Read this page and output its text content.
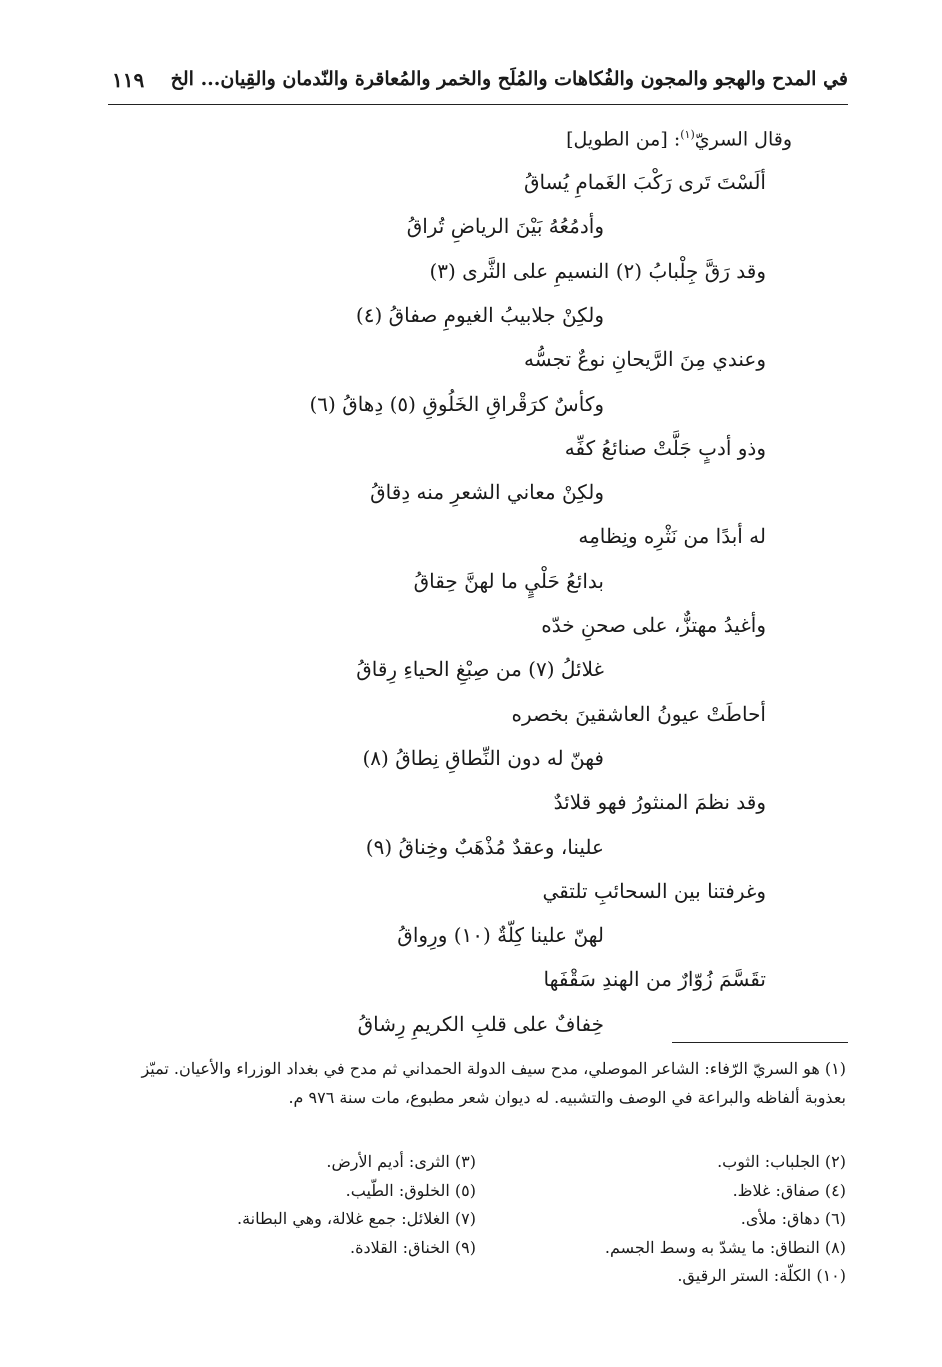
في المدح والهجو والمجون والفُكاهات والمُلَح والخمر والمُعاقرة والنّدمان والقِيان... الخ
١١٩
وقال السريّ$^{(١)}$: [من الطويل]
ألَسْتَ تَرى رَكْبَ الغَمامِ يُساقُ
وأدمُعُهُ بَيْنَ الرياضِ تُراقُ
وقد رَقَّ جِلْبابُ (٢) النسيمِ على الثَّرى (٣)
ولكِنْ جلابيبُ الغيومِ صفاقُ (٤)
وعندي مِنَ الرَّيحانِ نوعٌ تجسُّه
وكأسٌ كرَقْراقِ الخَلُوقِ (٥) دِهاقُ (٦)
وذو أدبٍ جَلَّتْ صنائعُ كفِّه
ولكِنْ معاني الشعرِ منه دِقاقُ
له أبدًا من نَثْرِه ونِظامِه
بدائعُ حَلْيٍ ما لهنَّ حِقاقُ
وأغيدُ مهتزٌّ، على صحنِ خدّه
غلائلُ (٧) من صِبْغِ الحياءِ رِقاقُ
أحاطَتْ عيونُ العاشقينَ بخصره
فهنّ له دون النِّطاقِ نِطاقُ (٨)
وقد نظمَ المنثورُ فهو قلائدٌ
علينا، وعقدٌ مُذْهَبٌ وخِناقُ (٩)
وغرفتنا بين السحائبِ تلتقي
لهنّ علينا كِلّةٌ (١٠) ورِواقُ
تقَسَّمَ زُوّارٌ من الهندِ سَقْفَها
خِفافٌ على قلبِ الكريمِ رِشاقُ
(١) هو السريّ الرّفاء: الشاعر الموصلي، مدح سيف الدولة الحمداني ثم مدح في بغداد الوزراء والأعيان. تميّز بعذوبة ألفاظه والبراعة في الوصف والتشبيه. له ديوان شعر مطبوع، مات سنة ٩٧٦ م.
(٢) الجلباب: الثوب.
(٣) الثرى: أديم الأرض.
(٤) صفاق: غلاظ.
(٥) الخلوق: الطّيب.
(٦) دهاق: ملأى.
(٧) الغلائل: جمع غلالة، وهي البطانة.
(٨) النطاق: ما يشدّ به وسط الجسم.
(٩) الخناق: القلادة.
(١٠) الكلّة: الستر الرقيق.
